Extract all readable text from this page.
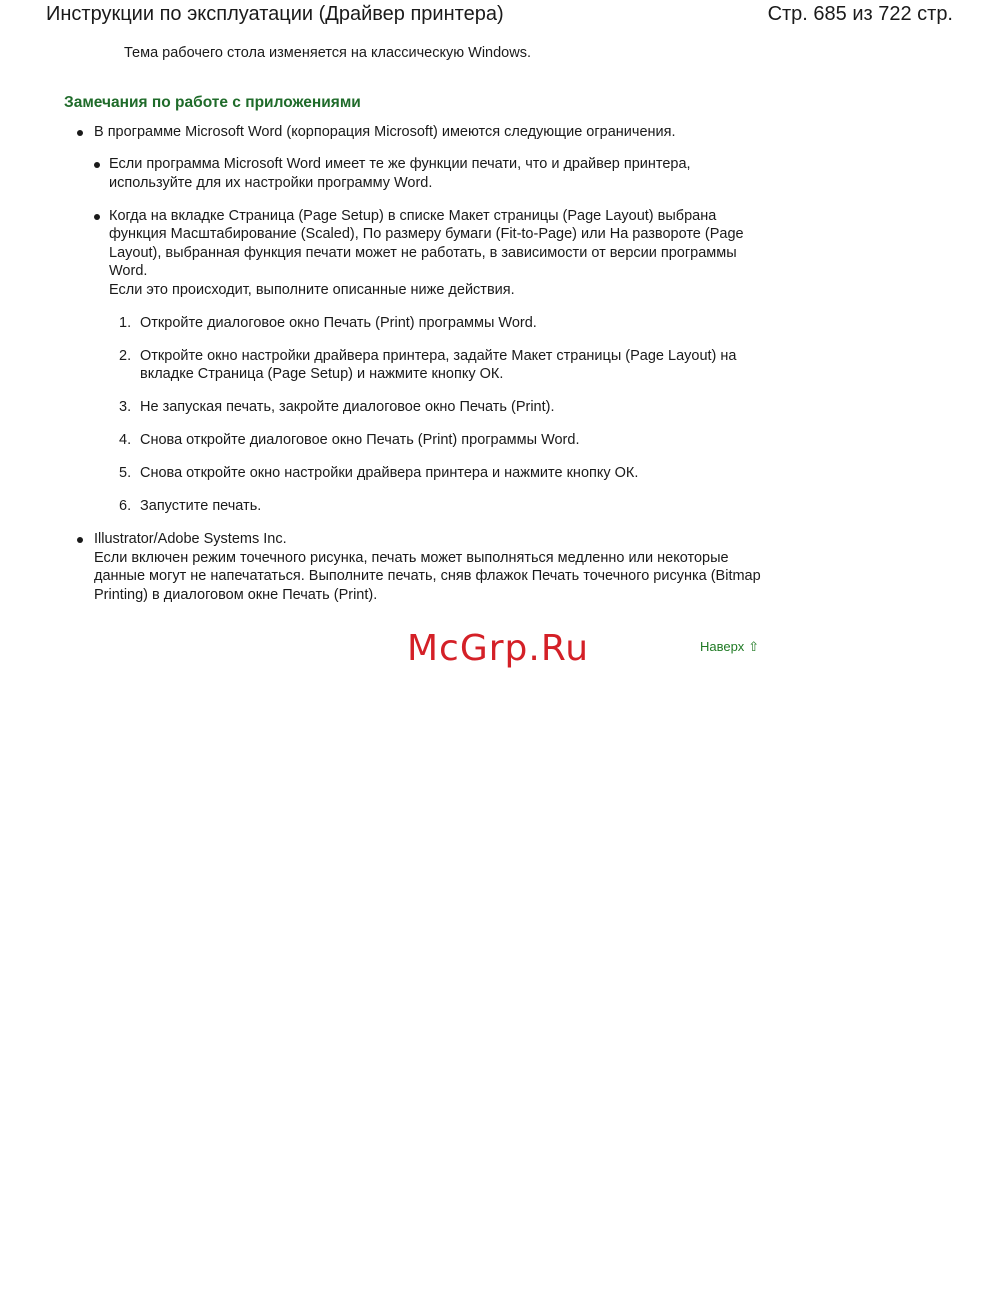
Инструкции по эксплуатации (Драйвер принтера)	Стр. 685 из 722 стр.

Тема рабочего стола изменяется на классическую Windows.

Замечания по работе с приложениями
В программе Microsoft Word (корпорация Microsoft) имеются следующие ограничения.
Если программа Microsoft Word имеет те же функции печати, что и драйвер принтера, используйте для их настройки программу Word.
Когда на вкладке Страница (Page Setup) в списке Макет страницы (Page Layout) выбрана функция Масштабирование (Scaled), По размеру бумаги (Fit-to-Page) или На развороте (Page Layout), выбранная функция печати может не работать, в зависимости от версии программы Word.
Если это происходит, выполните описанные ниже действия.
1. Откройте диалоговое окно Печать (Print) программы Word.
2. Откройте окно настройки драйвера принтера, задайте Макет страницы (Page Layout) на вкладке Страница (Page Setup) и нажмите кнопку ОК.
3. Не запуская печать, закройте диалоговое окно Печать (Print).
4. Снова откройте диалоговое окно Печать (Print) программы Word.
5. Снова откройте окно настройки драйвера принтера и нажмите кнопку ОК.
6. Запустите печать.
Illustrator/Adobe Systems Inc.
Если включен режим точечного рисунка, печать может выполняться медленно или некоторые данные могут не напечататься. Выполните печать, сняв флажок Печать точечного рисунка (Bitmap Printing) в диалоговом окне Печать (Print).
McGrp.Ru	Наверх ⇧
